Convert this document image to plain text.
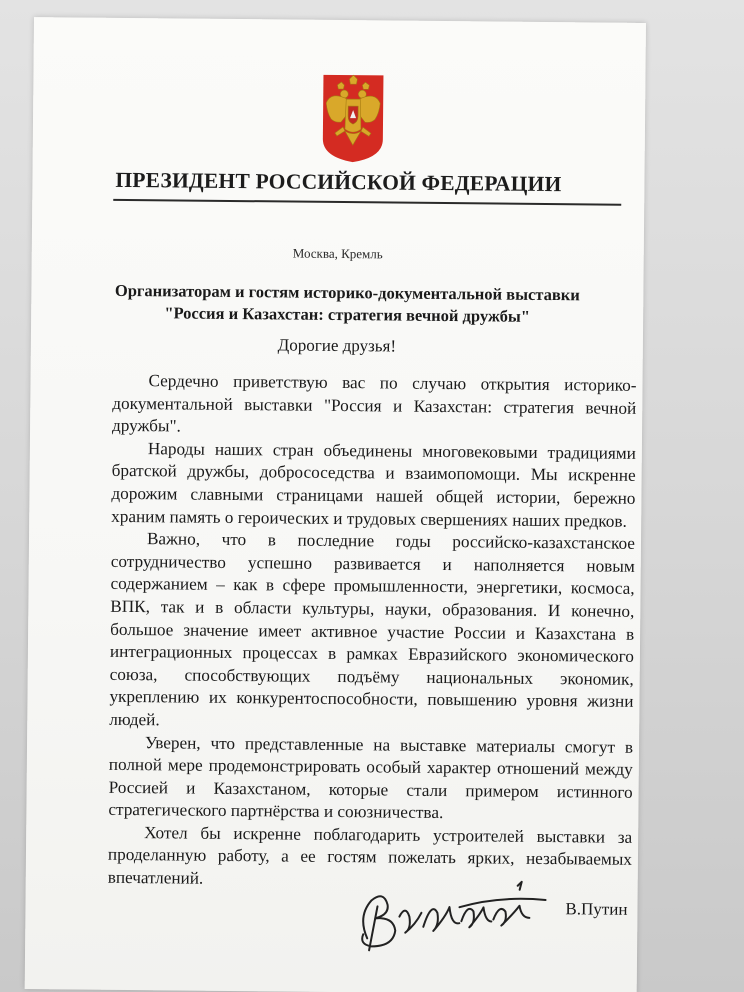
ПРЕЗИДЕНТ РОССИЙСКОЙ ФЕДЕРАЦИИ
Москва, Кремль
Организаторам и гостям историко-документальной выставки
"Россия и Казахстан: стратегия вечной дружбы"
Дорогие друзья!

Сердечно приветствую вас по случаю открытия историко-документальной выставки "Россия и Казахстан: стратегия вечной дружбы".

Народы наших стран объединены многовековыми традициями братской дружбы, добрососедства и взаимопомощи. Мы искренне дорожим славными страницами нашей общей истории, бережно храним память о героических и трудовых свершениях наших предков.

Важно, что в последние годы российско-казахстанское сотрудничество успешно развивается и наполняется новым содержанием – как в сфере промышленности, энергетики, космоса, ВПК, так и в области культуры, науки, образования. И конечно, большое значение имеет активное участие России и Казахстана в интеграционных процессах в рамках Евразийского экономического союза, способствующих подъёму национальных экономик, укреплению их конкурентоспособности, повышению уровня жизни людей.

Уверен, что представленные на выставке материалы смогут в полной мере продемонстрировать особый характер отношений между Россией и Казахстаном, которые стали примером истинного стратегического партнёрства и союзничества.

Хотел бы искренне поблагодарить устроителей выставки за проделанную работу, а ее гостям пожелать ярких, незабываемых впечатлений.

В.Путин
